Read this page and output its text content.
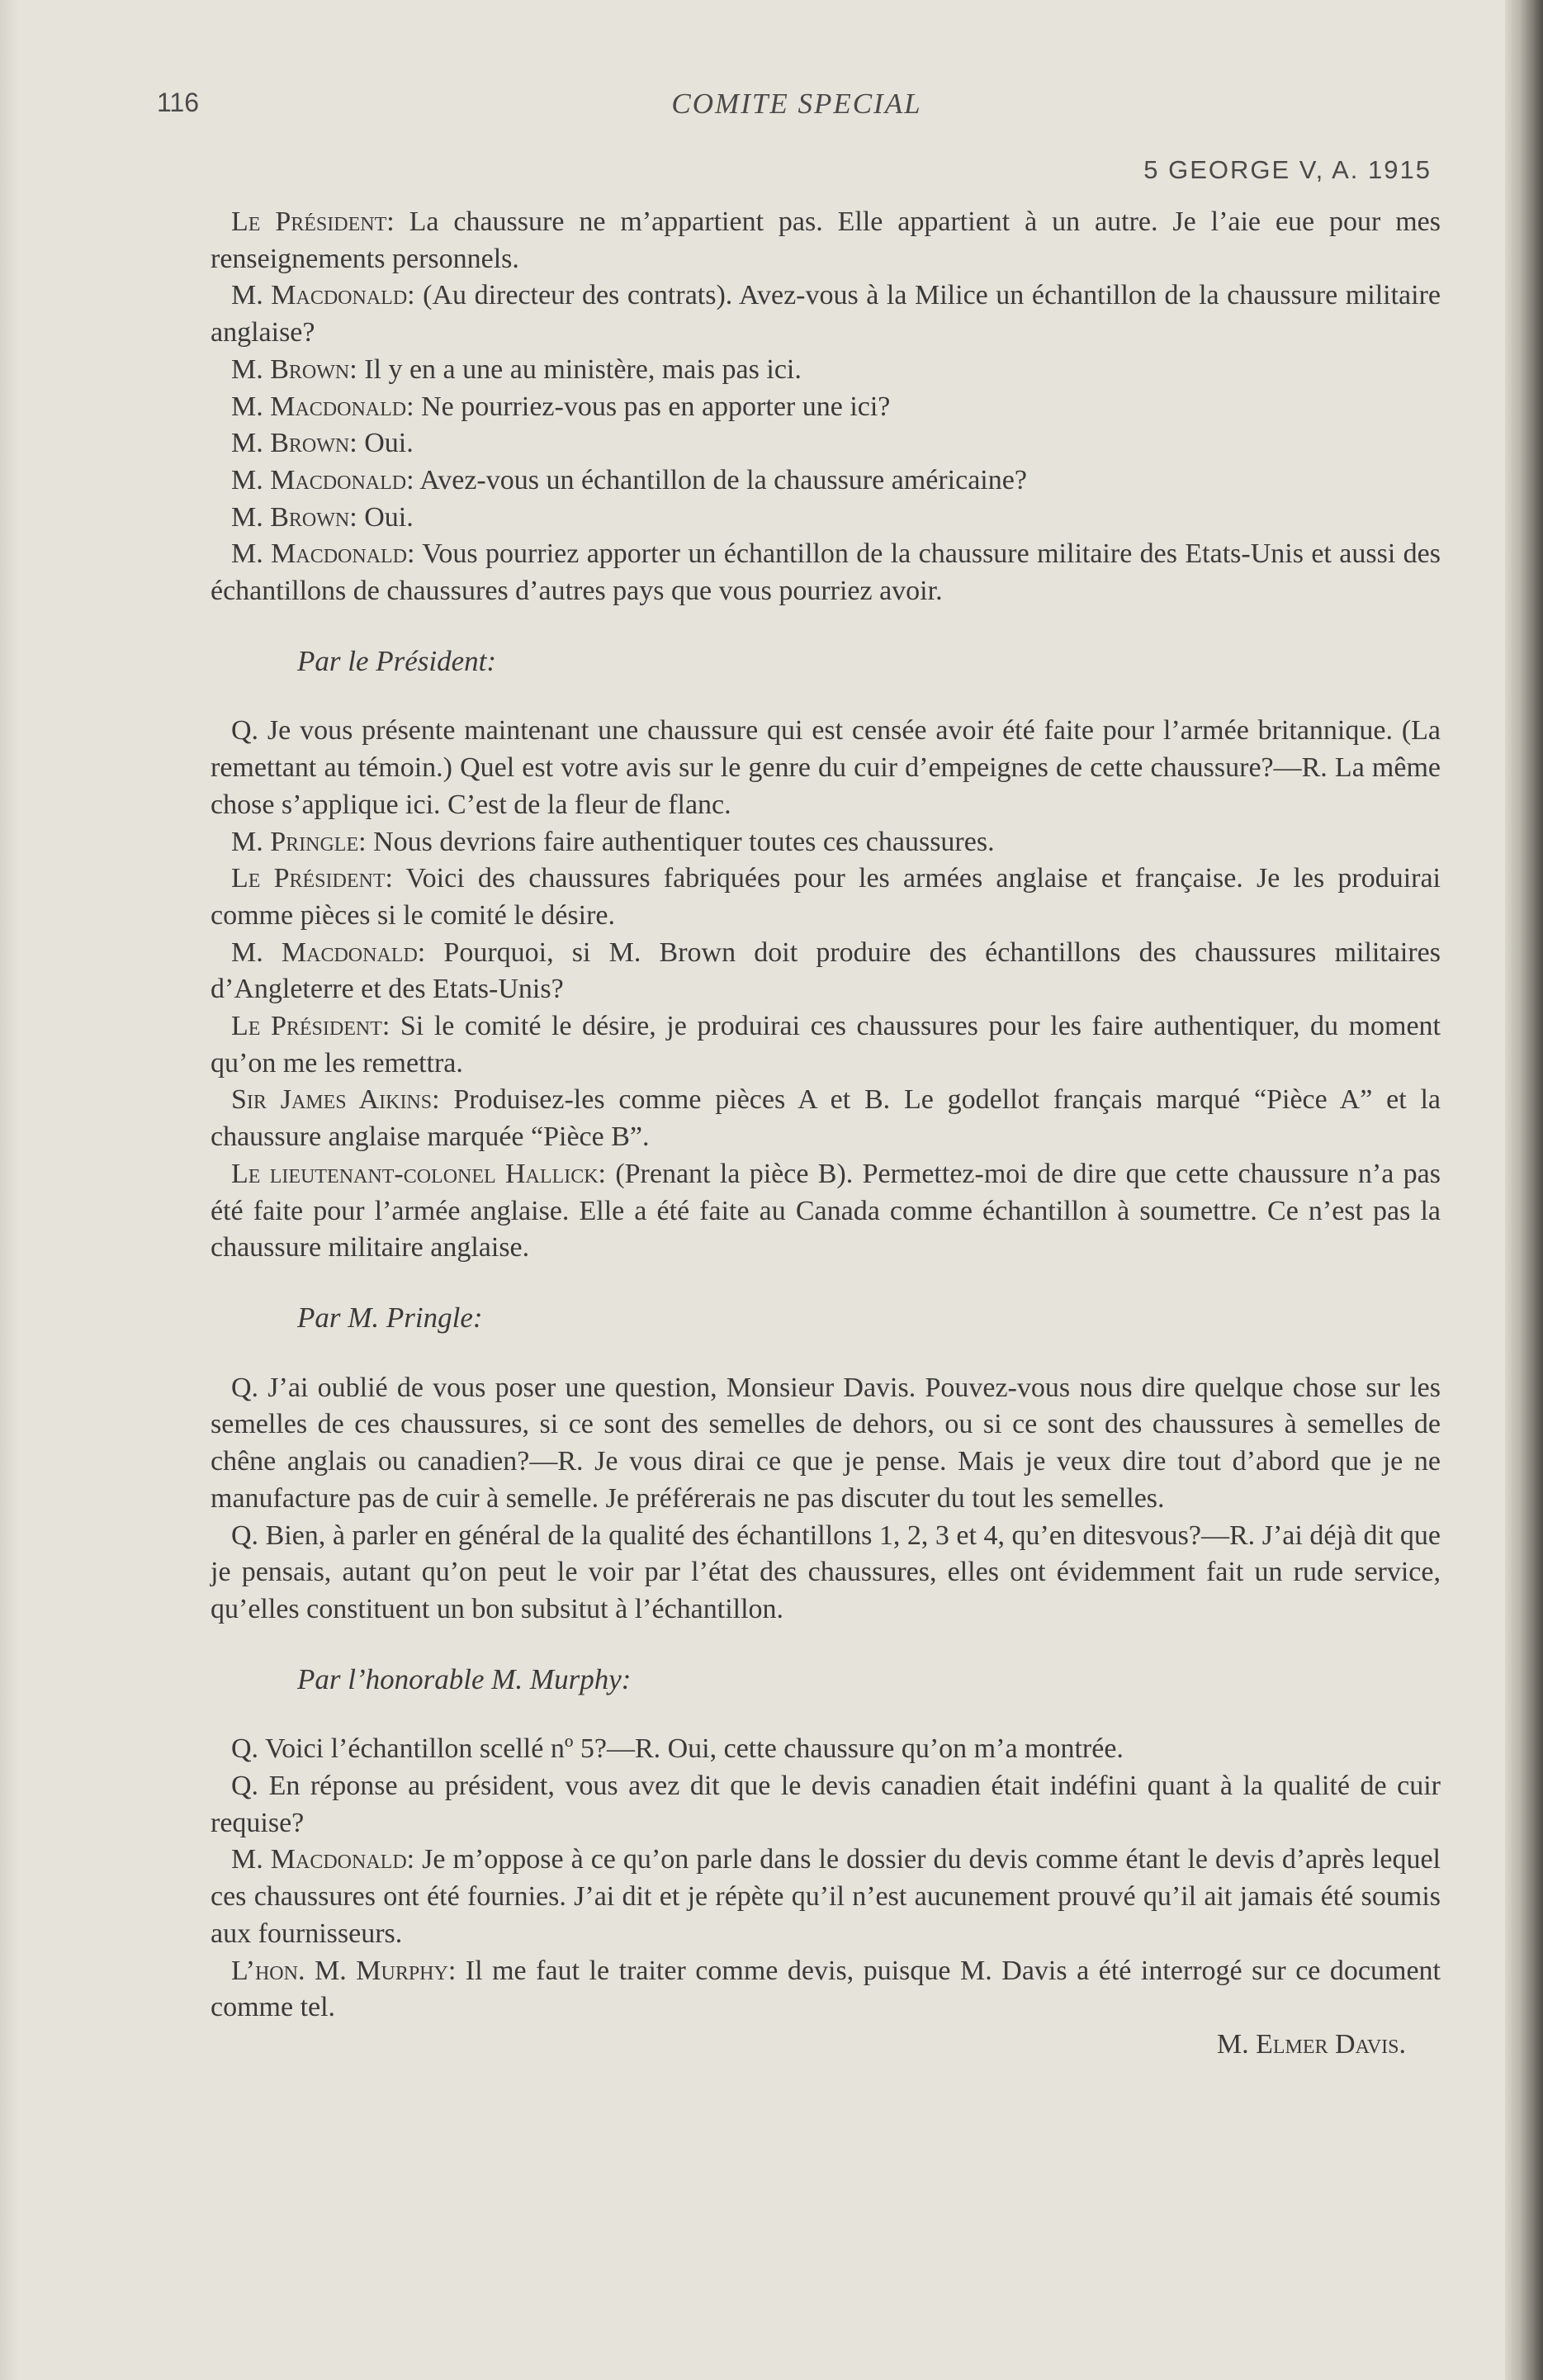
116	COMITE SPECIAL
5 GEORGE V, A. 1915

Le Président: La chaussure ne m’appartient pas. Elle appartient à un autre. Je l’aie eue pour mes renseignements personnels.

M. Macdonald: (Au directeur des contrats). Avez-vous à la Milice un échantillon de la chaussure militaire anglaise?

M. Brown: Il y en a une au ministère, mais pas ici.

M. Macdonald: Ne pourriez-vous pas en apporter une ici?

M. Brown: Oui.

M. Macdonald: Avez-vous un échantillon de la chaussure américaine?

M. Brown: Oui.

M. Macdonald: Vous pourriez apporter un échantillon de la chaussure militaire des Etats-Unis et aussi des échantillons de chaussures d’autres pays que vous pourriez avoir.

Par le Président:

Q. Je vous présente maintenant une chaussure qui est censée avoir été faite pour l’armée britannique. (La remettant au témoin.) Quel est votre avis sur le genre du cuir d’empeignes de cette chaussure?—R. La même chose s’applique ici. C’est de la fleur de flanc.

M. Pringle: Nous devrions faire authentiquer toutes ces chaussures.

Le Président: Voici des chaussures fabriquées pour les armées anglaise et française. Je les produirai comme pièces si le comité le désire.

M. Macdonald: Pourquoi, si M. Brown doit produire des échantillons des chaussures militaires d’Angleterre et des Etats-Unis?

Le Président: Si le comité le désire, je produirai ces chaussures pour les faire authentiquer, du moment qu’on me les remettra.

Sir James Aikins: Produisez-les comme pièces A et B. Le godellot français marqué “Pièce A” et la chaussure anglaise marquée “Pièce B”.

Le lieutenant-colonel Hallick: (Prenant la pièce B). Permettez-moi de dire que cette chaussure n’a pas été faite pour l’armée anglaise. Elle a été faite au Canada comme échantillon à soumettre. Ce n’est pas la chaussure militaire anglaise.

Par M. Pringle:

Q. J’ai oublié de vous poser une question, Monsieur Davis. Pouvez-vous nous dire quelque chose sur les semelles de ces chaussures, si ce sont des semelles de dehors, ou si ce sont des chaussures à semelles de chêne anglais ou canadien?—R. Je vous dirai ce que je pense. Mais je veux dire tout d’abord que je ne manufacture pas de cuir à semelle. Je préférerais ne pas discuter du tout les semelles.

Q. Bien, à parler en général de la qualité des échantillons 1, 2, 3 et 4, qu’en ditesvous?—R. J’ai déjà dit que je pensais, autant qu’on peut le voir par l’état des chaussures, elles ont évidemment fait un rude service, qu’elles constituent un bon subsitut à l’échantillon.

Par l’honorable M. Murphy:

Q. Voici l’échantillon scellé nº 5?—R. Oui, cette chaussure qu’on m’a montrée.

Q. En réponse au président, vous avez dit que le devis canadien était indéfini quant à la qualité de cuir requise?

M. Macdonald: Je m’oppose à ce qu’on parle dans le dossier du devis comme étant le devis d’après lequel ces chaussures ont été fournies. J’ai dit et je répète qu’il n’est aucunement prouvé qu’il ait jamais été soumis aux fournisseurs.

L’hon. M. Murphy: Il me faut le traiter comme devis, puisque M. Davis a été interrogé sur ce document comme tel.

M. Elmer Davis.
